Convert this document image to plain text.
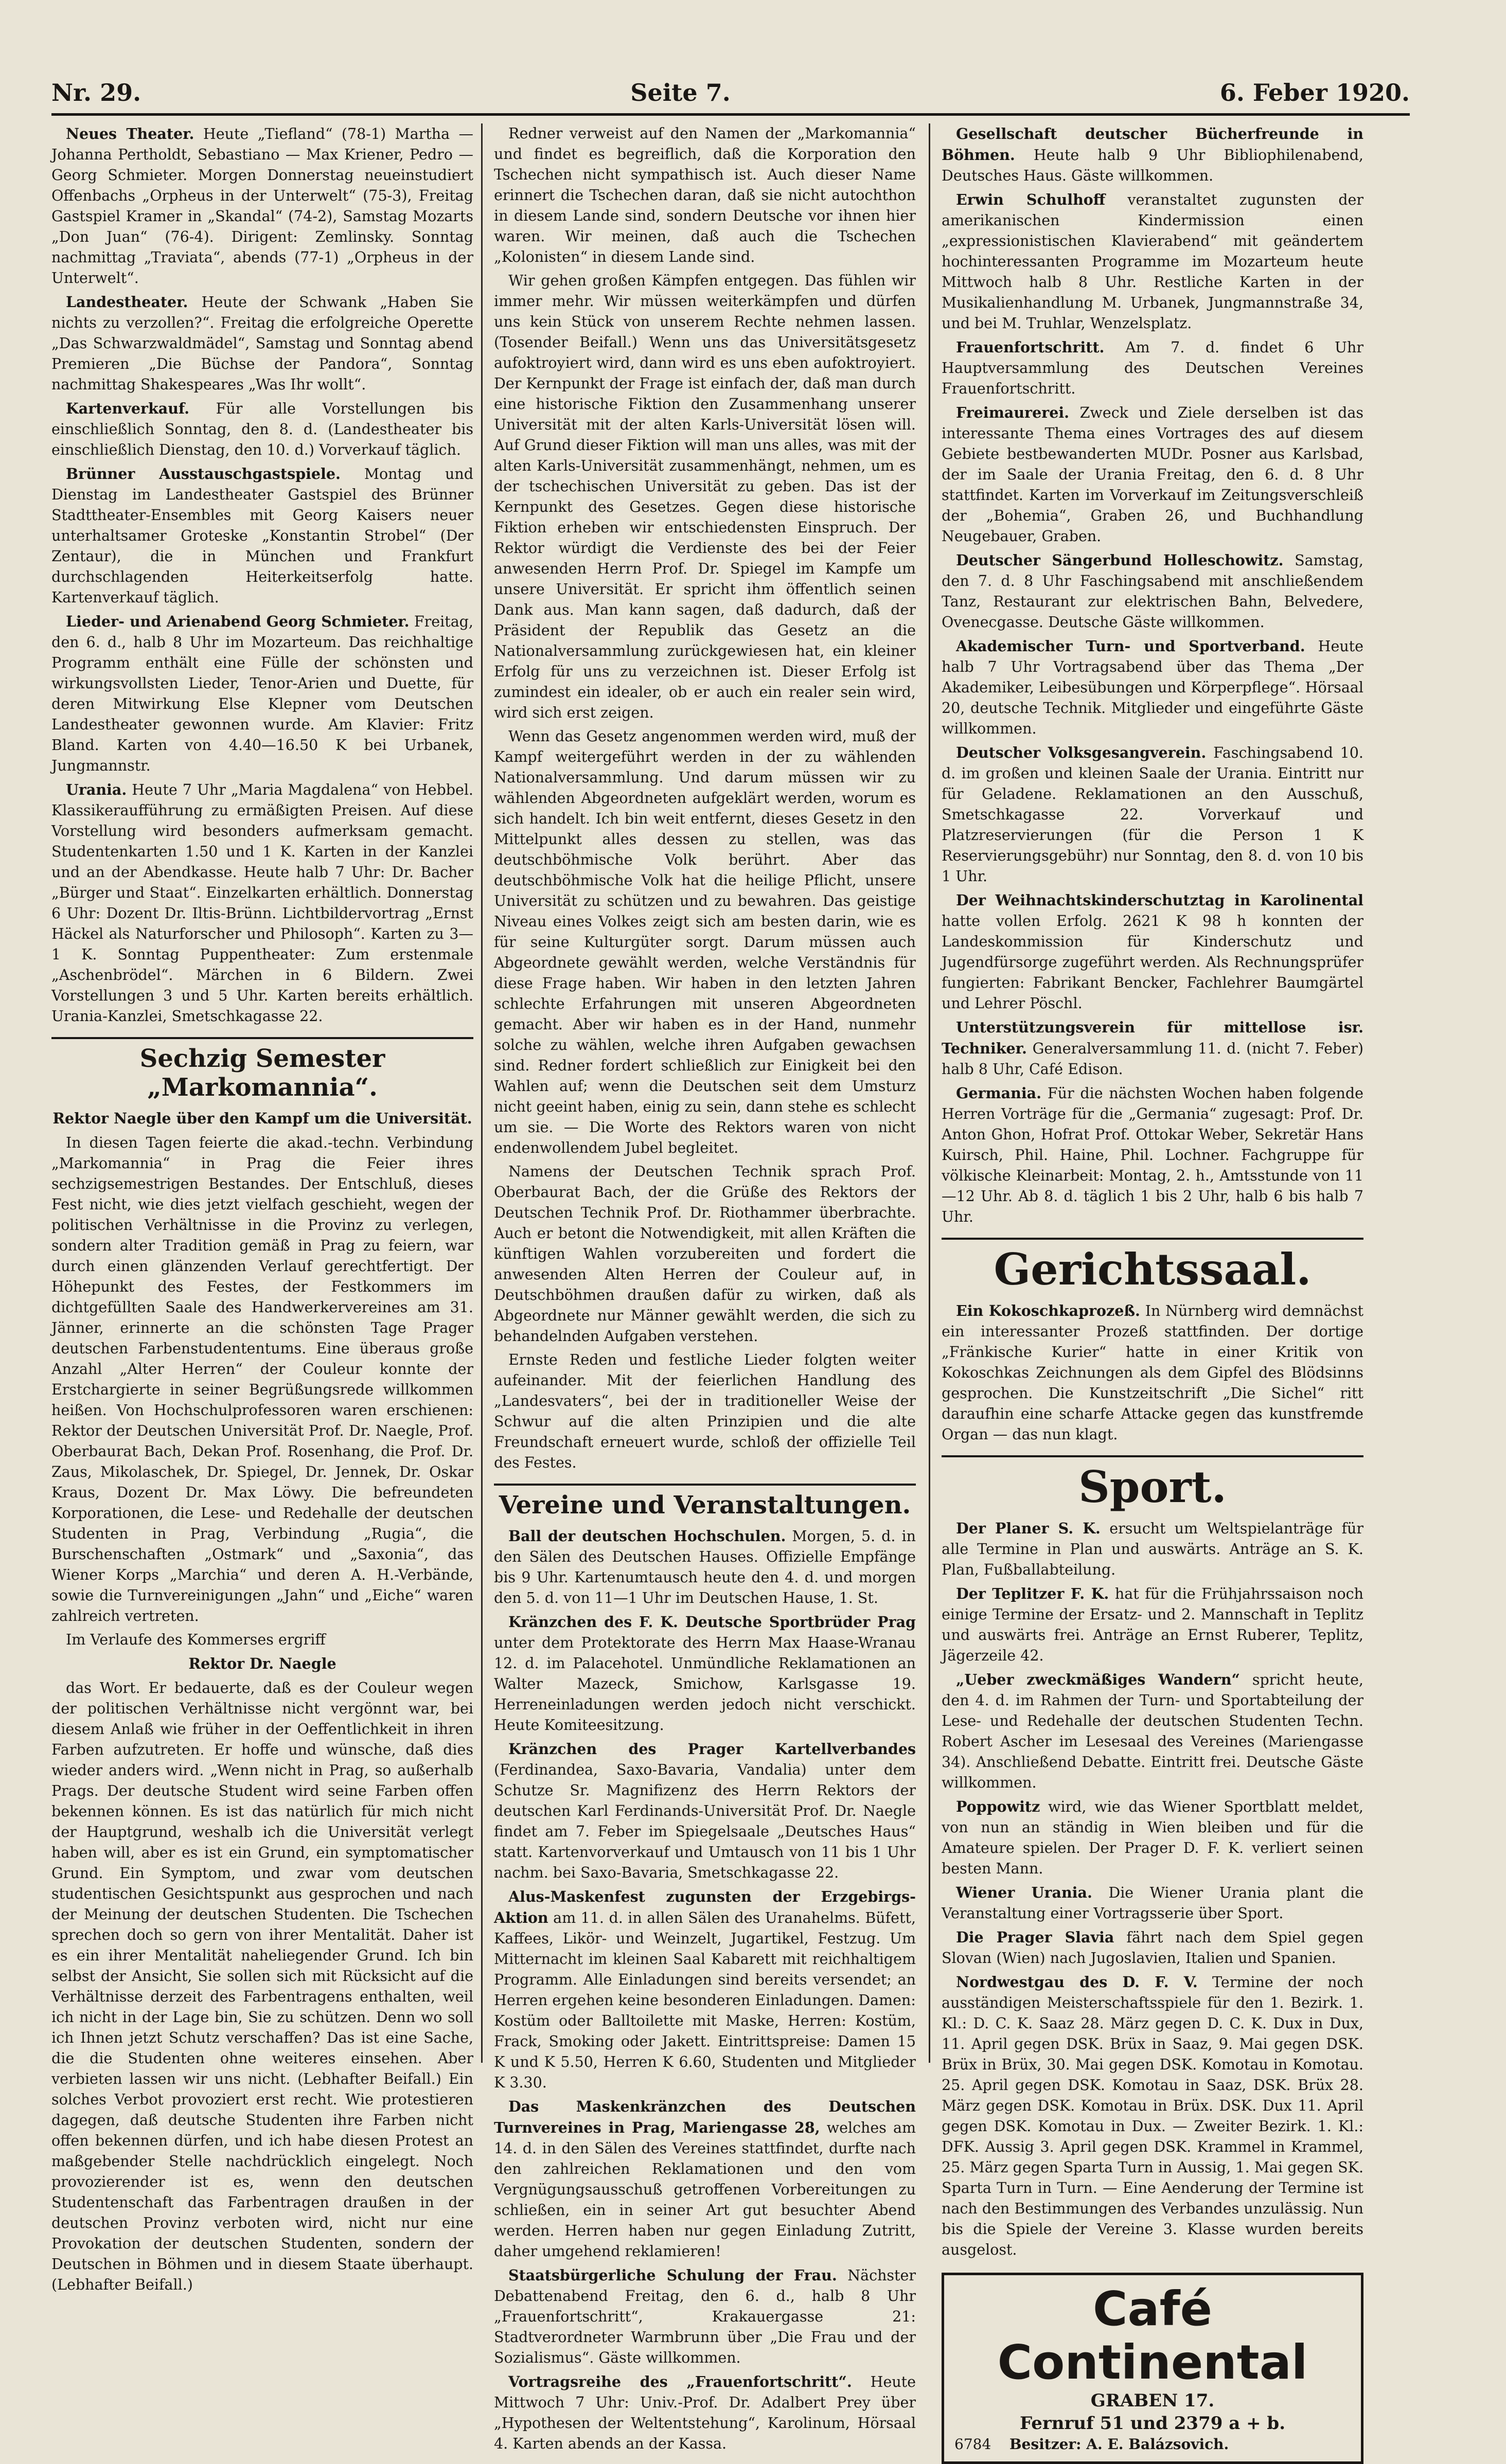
Nr. 29.	Seite 7.	6. Feber 1920.

Neues Theater. Heute „Tiefland“ (78-1) Martha — Johanna Pertholdt, Sebastiano — Max Kriener, Pedro — Georg Schmieter. Morgen Donnerstag neueinstudiert Offenbachs „Orpheus in der Unterwelt“ (75-3), Freitag Gastspiel Kramer in „Skandal“ (74-2), Samstag Mozarts „Don Juan“ (76-4). Dirigent: Zemlinsky. Sonntag nachmittag „Traviata“, abends (77-1) „Orpheus in der Unterwelt“.

Landestheater. Heute der Schwank „Haben Sie nichts zu verzollen?“. Freitag die erfolgreiche Operette „Das Schwarzwaldmädel“, Samstag und Sonntag abend Premieren „Die Büchse der Pandora“, Sonntag nachmittag Shakespeares „Was Ihr wollt“.

Kartenverkauf. Für alle Vorstellungen bis einschließlich Sonntag, den 8. d. (Landestheater bis einschließlich Dienstag, den 10. d.) Vorverkauf täglich.

Brünner Ausstauschgastspiele. Montag und Dienstag im Landestheater Gastspiel des Brünner Stadttheater-Ensembles mit Georg Kaisers neuer unterhaltsamer Groteske „Konstantin Strobel“ (Der Zentaur), die in München und Frankfurt durchschlagenden Heiterkeitserfolg hatte. Kartenverkauf täglich.

Lieder- und Arienabend Georg Schmieter. Freitag, den 6. d., halb 8 Uhr im Mozarteum. Das reichhaltige Programm enthält eine Fülle der schönsten und wirkungsvollsten Lieder, Tenor-Arien und Duette, für deren Mitwirkung Else Klepner vom Deutschen Landestheater gewonnen wurde. Am Klavier: Fritz Bland. Karten von 4.40—16.50 K bei Urbanek, Jungmannstr.

Urania. Heute 7 Uhr „Maria Magdalena“ von Hebbel. Klassikeraufführung zu ermäßigten Preisen. Auf diese Vorstellung wird besonders aufmerksam gemacht. Studentenkarten 1.50 und 1 K. Karten in der Kanzlei und an der Abendkasse. Heute halb 7 Uhr: Dr. Bacher „Bürger und Staat“. Einzelkarten erhältlich. Donnerstag 6 Uhr: Dozent Dr. Iltis-Brünn. Lichtbildervortrag „Ernst Häckel als Naturforscher und Philosoph“. Karten zu 3—1 K. Sonntag Puppentheater: Zum erstenmale „Aschenbrödel“. Märchen in 6 Bildern. Zwei Vorstellungen 3 und 5 Uhr. Karten bereits erhältlich. Urania-Kanzlei, Smetschkagasse 22.

Sechzig Semester „Markomannia“.

Rektor Naegle über den Kampf um die Universität.

In diesen Tagen feierte die akad.-techn. Verbindung „Markomannia“ in Prag die Feier ihres sechzigsemestrigen Bestandes. Der Entschluß, dieses Fest nicht, wie dies jetzt vielfach geschieht, wegen der politischen Verhältnisse in die Provinz zu verlegen, sondern alter Tradition gemäß in Prag zu feiern, war durch einen glänzenden Verlauf gerechtfertigt. Der Höhepunkt des Festes, der Festkommers im dichtgefüllten Saale des Handwerkervereines am 31. Jänner, erinnerte an die schönsten Tage Prager deutschen Farbenstudententums. Eine überaus große Anzahl „Alter Herren“ der Couleur konnte der Erstchargierte in seiner Begrüßungsrede willkommen heißen. Von Hochschulprofessoren waren erschienen: Rektor der Deutschen Universität Prof. Dr. Naegle, Prof. Oberbaurat Bach, Dekan Prof. Rosenhang, die Prof. Dr. Zaus, Mikolaschek, Dr. Spiegel, Dr. Jennek, Dr. Oskar Kraus, Dozent Dr. Max Löwy. Die befreundeten Korporationen, die Lese- und Redehalle der deutschen Studenten in Prag, Verbindung „Rugia“, die Burschenschaften „Ostmark“ und „Saxonia“, das Wiener Korps „Marchia“ und deren A. H.-Verbände, sowie die Turnvereinigungen „Jahn“ und „Eiche“ waren zahlreich vertreten.

Im Verlaufe des Kommerses ergriff

Rektor Dr. Naegle

das Wort. Er bedauerte, daß es der Couleur wegen der politischen Verhältnisse nicht vergönnt war, bei diesem Anlaß wie früher in der Oeffentlichkeit in ihren Farben aufzutreten. Er hoffe und wünsche, daß dies wieder anders wird. „Wenn nicht in Prag, so außerhalb Prags. Der deutsche Student wird seine Farben offen bekennen können. Es ist das natürlich für mich nicht der Hauptgrund, weshalb ich die Universität verlegt haben will, aber es ist ein Grund, ein symptomatischer Grund. Ein Symptom, und zwar vom deutschen studentischen Gesichtspunkt aus gesprochen und nach der Meinung der deutschen Studenten. Die Tschechen sprechen doch so gern von ihrer Mentalität. Daher ist es ein ihrer Mentalität naheliegender Grund. Ich bin selbst der Ansicht, Sie sollen sich mit Rücksicht auf die Verhältnisse derzeit des Farbentragens enthalten, weil ich nicht in der Lage bin, Sie zu schützen. Denn wo soll ich Ihnen jetzt Schutz verschaffen? Das ist eine Sache, die die Studenten ohne weiteres einsehen. Aber verbieten lassen wir uns nicht. (Lebhafter Beifall.) Ein solches Verbot provoziert erst recht. Wie protestieren dagegen, daß deutsche Studenten ihre Farben nicht offen bekennen dürfen, und ich habe diesen Protest an maßgebender Stelle nachdrücklich eingelegt. Noch provozierender ist es, wenn den deutschen Studentenschaft das Farbentragen draußen in der deutschen Provinz verboten wird, nicht nur eine Provokation der deutschen Studenten, sondern der Deutschen in Böhmen und in diesem Staate überhaupt. (Lebhafter Beifall.)

Redner verweist auf den Namen der „Markomannia“ und findet es begreiflich, daß die Korporation den Tschechen nicht sympathisch ist. Auch dieser Name erinnert die Tschechen daran, daß sie nicht autochthon in diesem Lande sind, sondern Deutsche vor ihnen hier waren. Wir meinen, daß auch die Tschechen „Kolonisten“ in diesem Lande sind.

Wir gehen großen Kämpfen entgegen. Das fühlen wir immer mehr. Wir müssen weiterkämpfen und dürfen uns kein Stück von unserem Rechte nehmen lassen. (Tosender Beifall.) Wenn uns das Universitätsgesetz aufoktroyiert wird, dann wird es uns eben aufoktroyiert. Der Kernpunkt der Frage ist einfach der, daß man durch eine historische Fiktion den Zusammenhang unserer Universität mit der alten Karls-Universität lösen will. Auf Grund dieser Fiktion will man uns alles, was mit der alten Karls-Universität zusammenhängt, nehmen, um es der tschechischen Universität zu geben. Das ist der Kernpunkt des Gesetzes. Gegen diese historische Fiktion erheben wir entschiedensten Einspruch. Der Rektor würdigt die Verdienste des bei der Feier anwesenden Herrn Prof. Dr. Spiegel im Kampfe um unsere Universität. Er spricht ihm öffentlich seinen Dank aus. Man kann sagen, daß dadurch, daß der Präsident der Republik das Gesetz an die Nationalversammlung zurückgewiesen hat, ein kleiner Erfolg für uns zu verzeichnen ist. Dieser Erfolg ist zumindest ein idealer, ob er auch ein realer sein wird, wird sich erst zeigen.

Wenn das Gesetz angenommen werden wird, muß der Kampf weitergeführt werden in der zu wählenden Nationalversammlung. Und darum müssen wir zu wählenden Abgeordneten aufgeklärt werden, worum es sich handelt. Ich bin weit entfernt, dieses Gesetz in den Mittelpunkt alles dessen zu stellen, was das deutschböhmische Volk berührt. Aber das deutschböhmische Volk hat die heilige Pflicht, unsere Universität zu schützen und zu bewahren. Das geistige Niveau eines Volkes zeigt sich am besten darin, wie es für seine Kulturgüter sorgt. Darum müssen auch Abgeordnete gewählt werden, welche Verständnis für diese Frage haben. Wir haben in den letzten Jahren schlechte Erfahrungen mit unseren Abgeordneten gemacht. Aber wir haben es in der Hand, nunmehr solche zu wählen, welche ihren Aufgaben gewachsen sind. Redner fordert schließlich zur Einigkeit bei den Wahlen auf; wenn die Deutschen seit dem Umsturz nicht geeint haben, einig zu sein, dann stehe es schlecht um sie. — Die Worte des Rektors waren von nicht endenwollendem Jubel begleitet.

Namens der Deutschen Technik sprach Prof. Oberbaurat Bach, der die Grüße des Rektors der Deutschen Technik Prof. Dr. Riothammer überbrachte. Auch er betont die Notwendigkeit, mit allen Kräften die künftigen Wahlen vorzubereiten und fordert die anwesenden Alten Herren der Couleur auf, in Deutschböhmen draußen dafür zu wirken, daß als Abgeordnete nur Männer gewählt werden, die sich zu behandelnden Aufgaben verstehen.

Ernste Reden und festliche Lieder folgten weiter aufeinander. Mit der feierlichen Handlung des „Landesvaters“, bei der in traditioneller Weise der Schwur auf die alten Prinzipien und die alte Freundschaft erneuert wurde, schloß der offizielle Teil des Festes.

Vereine und Veranstaltungen.

Ball der deutschen Hochschulen. Morgen, 5. d. in den Sälen des Deutschen Hauses. Offizielle Empfänge bis 9 Uhr. Kartenumtausch heute den 4. d. und morgen den 5. d. von 11—1 Uhr im Deutschen Hause, 1. St.

Kränzchen des F. K. Deutsche Sportbrüder Prag unter dem Protektorate des Herrn Max Haase-Wranau 12. d. im Palacehotel. Unmündliche Reklamationen an Walter Mazeck, Smichow, Karlsgasse 19. Herreneinladungen werden jedoch nicht verschickt. Heute Komiteesitzung.

Kränzchen des Prager Kartellverbandes (Ferdinandea, Saxo-Bavaria, Vandalia) unter dem Schutze Sr. Magnifizenz des Herrn Rektors der deutschen Karl Ferdinands-Universität Prof. Dr. Naegle findet am 7. Feber im Spiegelsaale „Deutsches Haus“ statt. Kartenvorverkauf und Umtausch von 11 bis 1 Uhr nachm. bei Saxo-Bavaria, Smetschkagasse 22.

Alus-Maskenfest zugunsten der Erzgebirgs-Aktion am 11. d. in allen Sälen des Uranahelms. Büfett, Kaffees, Likör- und Weinzelt, Jugartikel, Festzug. Um Mitternacht im kleinen Saal Kabarett mit reichhaltigem Programm. Alle Einladungen sind bereits versendet; an Herren ergehen keine besonderen Einladungen. Damen: Kostüm oder Balltoilette mit Maske, Herren: Kostüm, Frack, Smoking oder Jakett. Eintrittspreise: Damen 15 K und K 5.50, Herren K 6.60, Studenten und Mitglieder K 3.30.

Das Maskenkränzchen des Deutschen Turnvereines in Prag, Mariengasse 28, welches am 14. d. in den Sälen des Vereines stattfindet, durfte nach den zahlreichen Reklamationen und den vom Vergnügungsausschuß getroffenen Vorbereitungen zu schließen, ein in seiner Art gut besuchter Abend werden. Herren haben nur gegen Einladung Zutritt, daher umgehend reklamieren!

Staatsbürgerliche Schulung der Frau. Nächster Debattenabend Freitag, den 6. d., halb 8 Uhr „Frauenfortschritt“, Krakauergasse 21: Stadtverordneter Warmbrunn über „Die Frau und der Sozialismus“. Gäste willkommen.

Vortragsreihe des „Frauenfortschritt“. Heute Mittwoch 7 Uhr: Univ.-Prof. Dr. Adalbert Prey über „Hypothesen der Weltentstehung“, Karolinum, Hörsaal 4. Karten abends an der Kassa.

Gesellschaft deutscher Bücherfreunde in Böhmen. Heute halb 9 Uhr Bibliophilenabend, Deutsches Haus. Gäste willkommen.

Erwin Schulhoff veranstaltet zugunsten der amerikanischen Kindermission einen „expressionistischen Klavierabend“ mit geändertem hochinteressanten Programme im Mozarteum heute Mittwoch halb 8 Uhr. Restliche Karten in der Musikalienhandlung M. Urbanek, Jungmannstraße 34, und bei M. Truhlar, Wenzelsplatz.

Frauenfortschritt. Am 7. d. findet 6 Uhr Hauptversammlung des Deutschen Vereines Frauenfortschritt.

Freimaurerei. Zweck und Ziele derselben ist das interessante Thema eines Vortrages des auf diesem Gebiete bestbewanderten MUDr. Posner aus Karlsbad, der im Saale der Urania Freitag, den 6. d. 8 Uhr stattfindet. Karten im Vorverkauf im Zeitungsverschleiß der „Bohemia“, Graben 26, und Buchhandlung Neugebauer, Graben.

Deutscher Sängerbund Holleschowitz. Samstag, den 7. d. 8 Uhr Faschingsabend mit anschließendem Tanz, Restaurant zur elektrischen Bahn, Belvedere, Ovenecgasse. Deutsche Gäste willkommen.

Akademischer Turn- und Sportverband. Heute halb 7 Uhr Vortragsabend über das Thema „Der Akademiker, Leibesübungen und Körperpflege“. Hörsaal 20, deutsche Technik. Mitglieder und eingeführte Gäste willkommen.

Deutscher Volksgesangverein. Faschingsabend 10. d. im großen und kleinen Saale der Urania. Eintritt nur für Geladene. Reklamationen an den Ausschuß, Smetschkagasse 22. Vorverkauf und Platzreservierungen (für die Person 1 K Reservierungsgebühr) nur Sonntag, den 8. d. von 10 bis 1 Uhr.

Der Weihnachtskinderschutztag in Karolinental hatte vollen Erfolg. 2621 K 98 h konnten der Landeskommission für Kinderschutz und Jugendfürsorge zugeführt werden. Als Rechnungsprüfer fungierten: Fabrikant Bencker, Fachlehrer Baumgärtel und Lehrer Pöschl.

Unterstützungsverein für mittellose isr. Techniker. Generalversammlung 11. d. (nicht 7. Feber) halb 8 Uhr, Café Edison.

Germania. Für die nächsten Wochen haben folgende Herren Vorträge für die „Germania“ zugesagt: Prof. Dr. Anton Ghon, Hofrat Prof. Ottokar Weber, Sekretär Hans Kuirsch, Phil. Haine, Phil. Lochner. Fachgruppe für völkische Kleinarbeit: Montag, 2. h., Amtsstunde von 11—12 Uhr. Ab 8. d. täglich 1 bis 2 Uhr, halb 6 bis halb 7 Uhr.

Gerichtssaal.

Ein Kokoschkaprozeß. In Nürnberg wird demnächst ein interessanter Prozeß stattfinden. Der dortige „Fränkische Kurier“ hatte in einer Kritik von Kokoschkas Zeichnungen als dem Gipfel des Blödsinns gesprochen. Die Kunstzeitschrift „Die Sichel“ ritt daraufhin eine scharfe Attacke gegen das kunstfremde Organ — das nun klagt.

Sport.

Der Planer S. K. ersucht um Weltspielanträge für alle Termine in Plan und auswärts. Anträge an S. K. Plan, Fußballabteilung.

Der Teplitzer F. K. hat für die Frühjahrssaison noch einige Termine der Ersatz- und 2. Mannschaft in Teplitz und auswärts frei. Anträge an Ernst Ruberer, Teplitz, Jägerzeile 42.

„Ueber zweckmäßiges Wandern“ spricht heute, den 4. d. im Rahmen der Turn- und Sportabteilung der Lese- und Redehalle der deutschen Studenten Techn. Robert Ascher im Lesesaal des Vereines (Mariengasse 34). Anschließend Debatte. Eintritt frei. Deutsche Gäste willkommen.

Poppowitz wird, wie das Wiener Sportblatt meldet, von nun an ständig in Wien bleiben und für die Amateure spielen. Der Prager D. F. K. verliert seinen besten Mann.

Wiener Urania. Die Wiener Urania plant die Veranstaltung einer Vortragsserie über Sport.

Die Prager Slavia fährt nach dem Spiel gegen Slovan (Wien) nach Jugoslavien, Italien und Spanien.

Nordwestgau des D. F. V. Termine der noch ausständigen Meisterschaftsspiele für den 1. Bezirk. 1. Kl.: D. C. K. Saaz 28. März gegen D. C. K. Dux in Dux, 11. April gegen DSK. Brüx in Saaz, 9. Mai gegen DSK. Brüx in Brüx, 30. Mai gegen DSK. Komotau in Komotau. 25. April gegen DSK. Komotau in Saaz, DSK. Brüx 28. März gegen DSK. Komotau in Brüx. DSK. Dux 11. April gegen DSK. Komotau in Dux. — Zweiter Bezirk. 1. Kl.: DFK. Aussig 3. April gegen DSK. Krammel in Krammel, 25. März gegen Sparta Turn in Aussig, 1. Mai gegen SK. Sparta Turn in Turn. — Eine Aenderung der Termine ist nach den Bestimmungen des Verbandes unzulässig. Nun bis die Spiele der Vereine 3. Klasse wurden bereits ausgelost.

Café Continental
GRABEN 17.
Fernruf 51 und 2379 a + b.
6784 Besitzer: A. E. Balázsovich.
